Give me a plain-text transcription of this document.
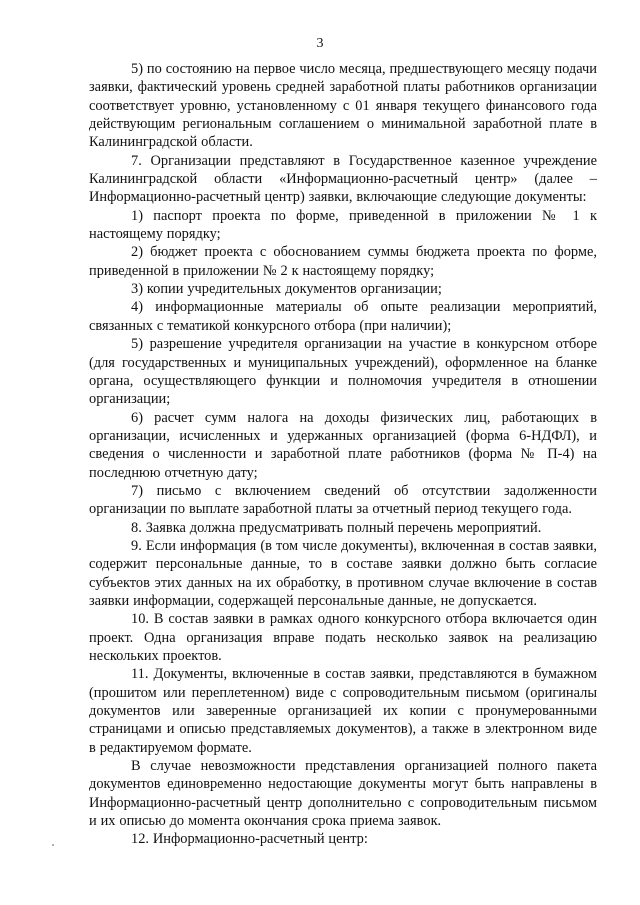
3

5) по состоянию на первое число месяца, предшествующего месяцу подачи заявки, фактический уровень средней заработной платы работников организации соответствует уровню, установленному с 01 января текущего финансового года действующим региональным соглашением о минимальной заработной плате в Калининградской области.

7. Организации представляют в Государственное казенное учреждение Калининградской области «Информационно-расчетный центр» (далее – Информационно-расчетный центр) заявки, включающие следующие документы:

1) паспорт проекта по форме, приведенной в приложении № 1 к настоящему порядку;

2) бюджет проекта с обоснованием суммы бюджета проекта по форме, приведенной в приложении № 2 к настоящему порядку;

3) копии учредительных документов организации;

4) информационные материалы об опыте реализации мероприятий, связанных с тематикой конкурсного отбора (при наличии);

5) разрешение учредителя организации на участие в конкурсном отборе (для государственных и муниципальных учреждений), оформленное на бланке органа, осуществляющего функции и полномочия учредителя в отношении организации;

6) расчет сумм налога на доходы физических лиц, работающих в организации, исчисленных и удержанных организацией (форма 6-НДФЛ), и сведения о численности и заработной плате работников (форма № П-4) на последнюю отчетную дату;

7) письмо с включением сведений об отсутствии задолженности организации по выплате заработной платы за отчетный период текущего года.

8. Заявка должна предусматривать полный перечень мероприятий.

9. Если информация (в том числе документы), включенная в состав заявки, содержит персональные данные, то в составе заявки должно быть согласие субъектов этих данных на их обработку, в противном случае включение в состав заявки информации, содержащей персональные данные, не допускается.

10. В состав заявки в рамках одного конкурсного отбора включается один проект. Одна организация вправе подать несколько заявок на реализацию нескольких проектов.

11. Документы, включенные в состав заявки, представляются в бумажном (прошитом или переплетенном) виде с сопроводительным письмом (оригиналы документов или заверенные организацией их копии с пронумерованными страницами и описью представляемых документов), а также в электронном виде в редактируемом формате.

В случае невозможности представления организацией полного пакета документов единовременно недостающие документы могут быть направлены в Информационно-расчетный центр дополнительно с сопроводительным письмом и их описью до момента окончания срока приема заявок.

12. Информационно-расчетный центр:
